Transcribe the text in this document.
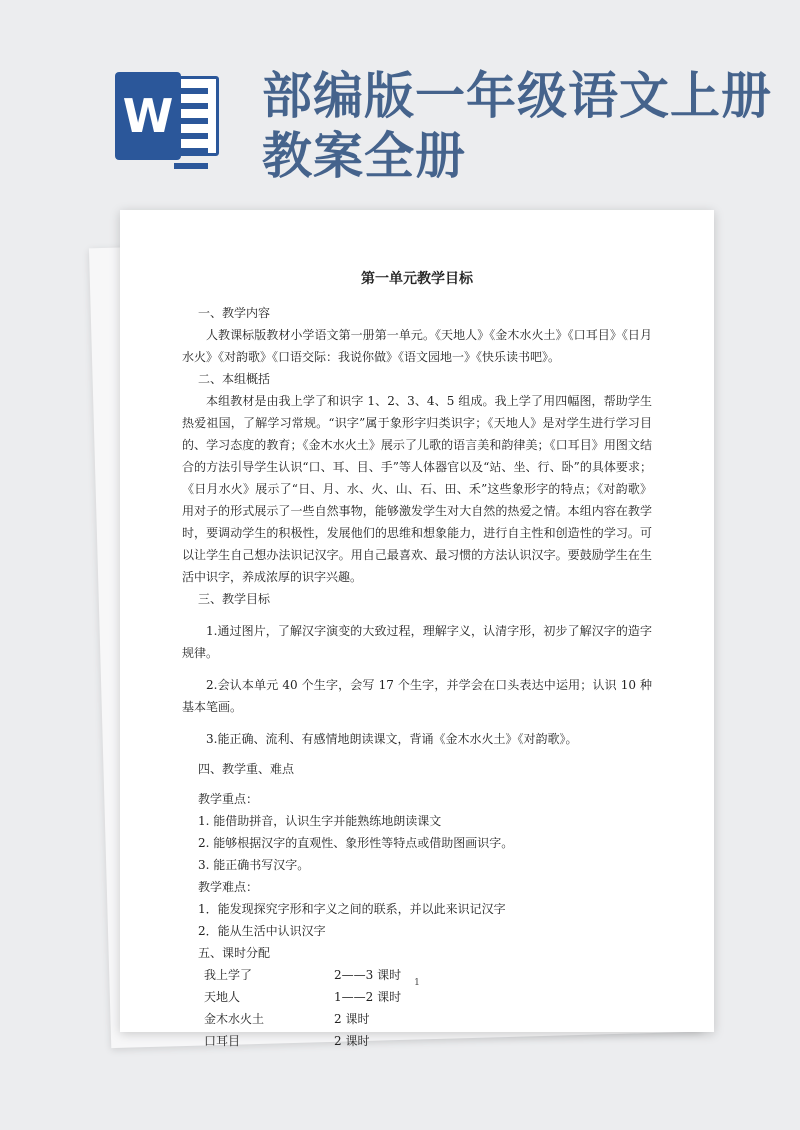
W 部编版一年级语文上册
教案全册
第一单元教学目标

一、教学内容

人教课标版教材小学语文第一册第一单元。《天地人》《金木水火土》《口耳目》《日月水火》《对韵歌》《口语交际：我说你做》《语文园地一》《快乐读书吧》。

二、本组概括

本组教材是由我上学了和识字 1、2、3、4、5 组成。我上学了用四幅图，帮助学生热爱祖国，了解学习常规。“识字”属于象形字归类识字；《天地人》是对学生进行学习目的、学习态度的教育；《金木水火土》展示了儿歌的语言美和韵律美；《口耳目》用图文结合的方法引导学生认识“口、耳、目、手”等人体器官以及“站、坐、行、卧”的具体要求；《日月水火》展示了“日、月、水、火、山、石、田、禾”这些象形字的特点；《对韵歌》用对子的形式展示了一些自然事物，能够激发学生对大自然的热爱之情。本组内容在教学时，要调动学生的积极性，发展他们的思维和想象能力，进行自主性和创造性的学习。可以让学生自己想办法识记汉字。用自己最喜欢、最习惯的方法认识汉字。要鼓励学生在生活中识字，养成浓厚的识字兴趣。

三、教学目标

1.通过图片，了解汉字演变的大致过程，理解字义，认清字形，初步了解汉字的造字规律。

2.会认本单元 40 个生字，会写 17 个生字，并学会在口头表达中运用；认识 10 种基本笔画。

3.能正确、流利、有感情地朗读课文，背诵《金木水火土》《对韵歌》。

四、教学重、难点

教学重点：

1. 能借助拼音，认识生字并能熟练地朗读课文

2. 能够根据汉字的直观性、象形性等特点或借助图画识字。

3. 能正确书写汉字。

教学难点：

1．能发现探究字形和字义之间的联系，并以此来识记汉字

2．能从生活中认识汉字

五、课时分配

我上学了	2——3 课时
天地人	1——2 课时
金木水火土	2 课时
口耳目	2 课时
1
